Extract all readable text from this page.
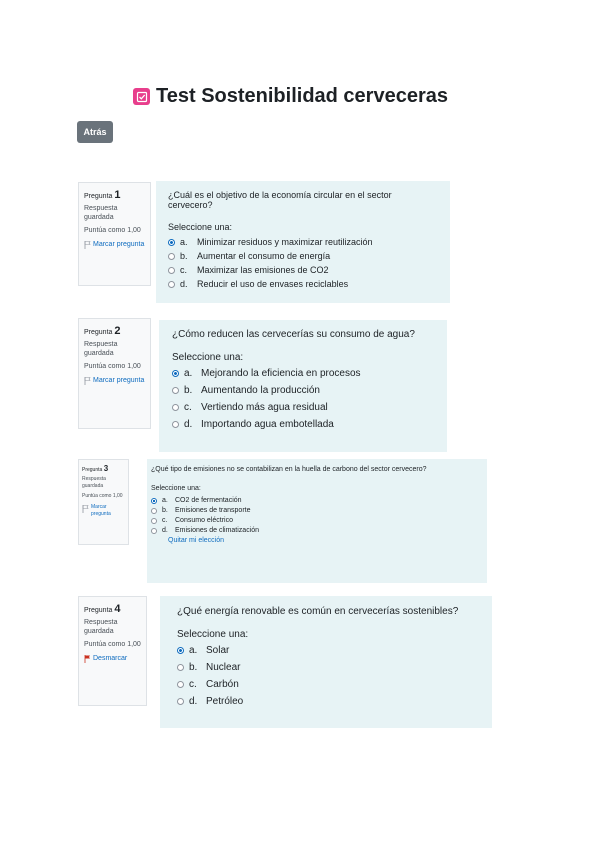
Test Sostenibilidad cerveceras
Atrás
Pregunta 1
Respuesta guardada
Puntúa como 1,00
Marcar pregunta
¿Cuál es el objetivo de la economía circular en el sector cervecero?
Seleccione una:
a.	Minimizar residuos y maximizar reutilización
b.	Aumentar el consumo de energía
c.	Maximizar las emisiones de CO2
d.	Reducir el uso de envases reciclables
Pregunta 2
Respuesta guardada
Puntúa como 1,00
Marcar pregunta
¿Cómo reducen las cervecerías su consumo de agua?
Seleccione una:
a. Mejorando la eficiencia en procesos
b. Aumentando la producción
c. Vertiendo más agua residual
d. Importando agua embotellada
Pregunta 3
Respuesta guardada
Puntúa como 1,00
Marcar pregunta
¿Qué tipo de emisiones no se contabilizan en la huella de carbono del sector cervecero?
Seleccione una:
a.	CO2 de fermentación
b.	Emisiones de transporte
c.	Consumo eléctrico
d.	Emisiones de climatización
Quitar mi elección
Pregunta 4
Respuesta guardada
Puntúa como 1,00
Desmarcar
¿Qué energía renovable es común en cervecerías sostenibles?
Seleccione una:
a. Solar
b. Nuclear
c. Carbón
d. Petróleo
